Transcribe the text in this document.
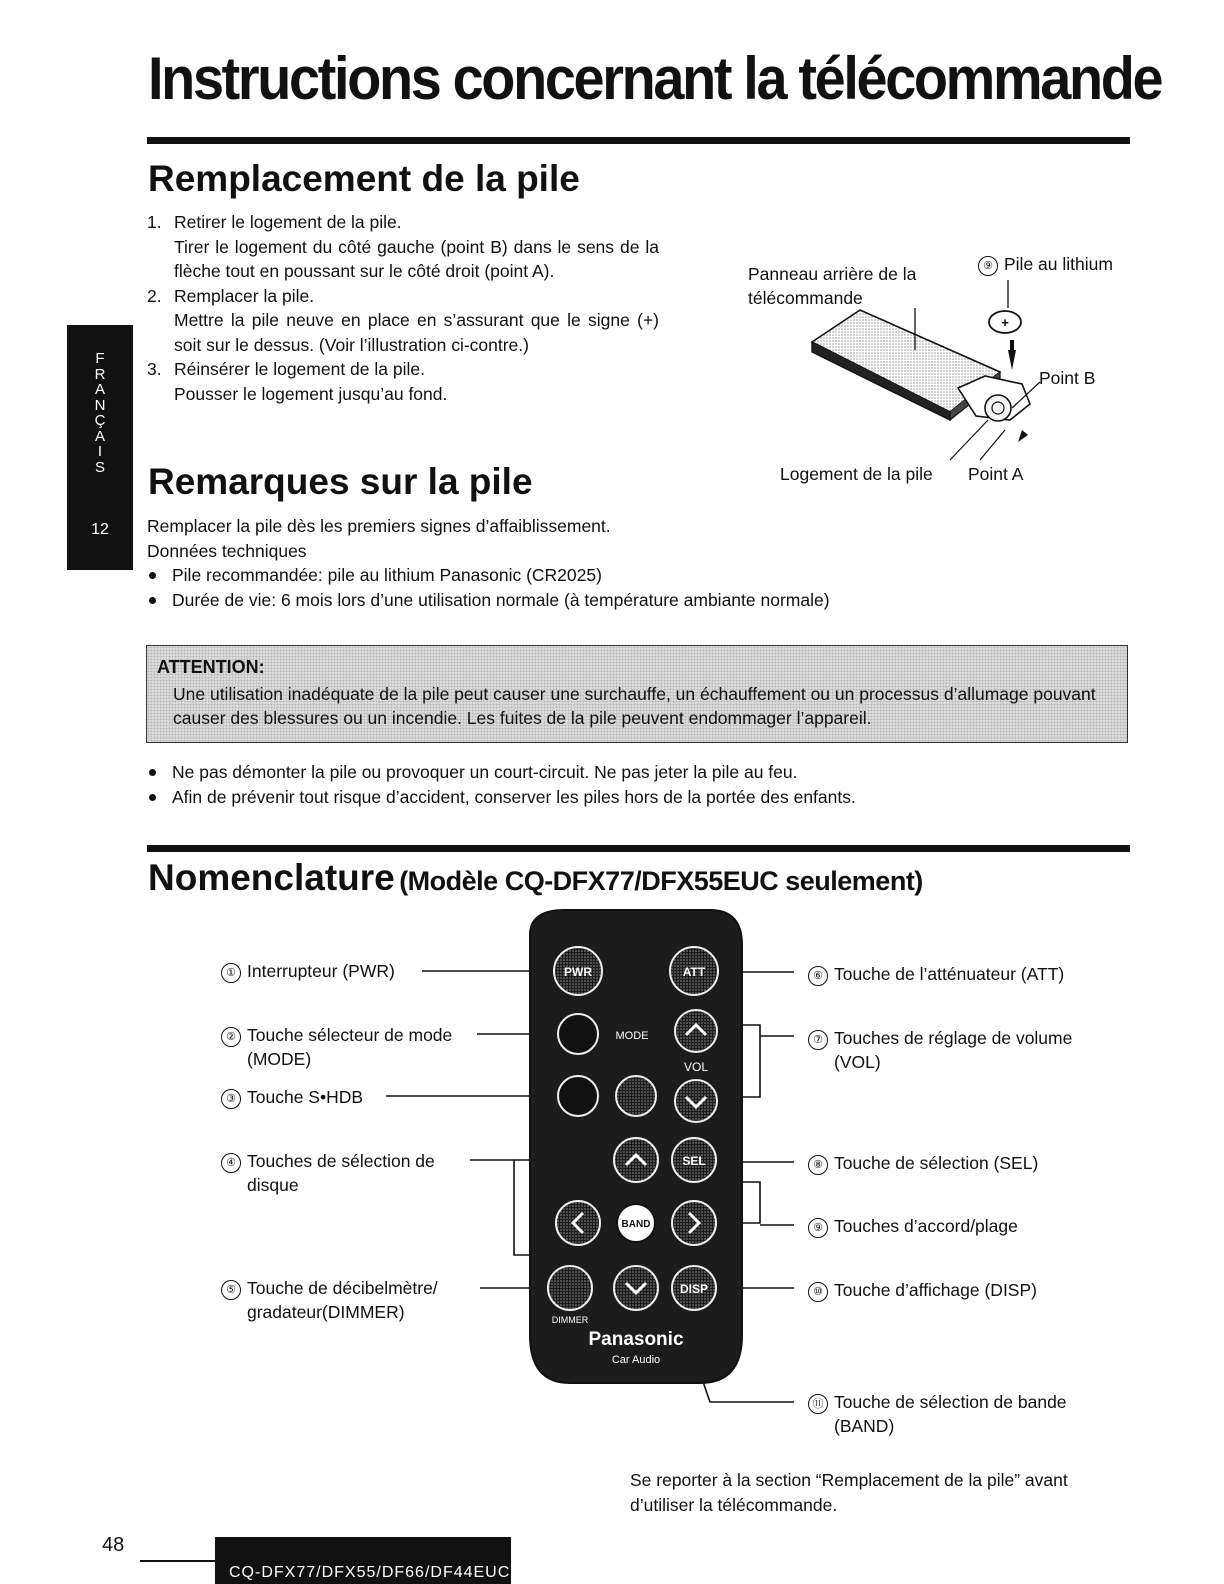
Instructions concernant la télécommande
F
R
A
N
Ç
A
I
S
12
Remplacement de la pile
1. Retirer le logement de la pile.
Tirer le logement du côté gauche (point B) dans le sens de la flèche tout en poussant sur le côté droit (point A).
2. Remplacer la pile.
Mettre la pile neuve en place en s’assurant que le signe (+) soit sur le dessus. (Voir l’illustration ci-contre.)
3. Réinsérer le logement de la pile.
Pousser le logement jusqu’au fond.
Panneau arrière de la télécommande
⑨ Pile au lithium
Point B
Logement de la pile Point A
+
Remarques sur la pile
Remplacer la pile dès les premiers signes d’affaiblissement.
Données techniques
Pile recommandée: pile au lithium Panasonic (CR2025)
Durée de vie: 6 mois lors d’une utilisation normale (à température ambiante normale)
ATTENTION:
Une utilisation inadéquate de la pile peut causer une surchauffe, un échauffement ou un processus d’allumage pouvant causer des blessures ou un incendie. Les fuites de la pile peuvent endommager l’appareil.
Ne pas démonter la pile ou provoquer un court-circuit. Ne pas jeter la pile au feu.
Afin de prévenir tout risque d’accident, conserver les piles hors de la portée des enfants.
Nomenclature (Modèle CQ-DFX77/DFX55EUC seulement)
① Interrupteur (PWR)
② Touche sélecteur de mode
(MODE)
③ Touche S•HDB
④ Touches de sélection de
disque
⑤ Touche de décibelmètre/
gradateur(DIMMER)
⑥ Touche de l’atténuateur (ATT)
⑦ Touches de réglage de volume
(VOL)
⑧ Touche de sélection (SEL)
⑨ Touches d’accord/plage
⑩ Touche d’affichage (DISP)
⑪ Touche de sélection de bande
(BAND)
PWR	ATT
MODE
VOL
SEL
BAND
DIMMER
DISP
Panasonic
Car Audio
Se reporter à la section “Remplacement de la pile” avant d’utiliser la télécommande.
48
CQ-DFX77/DFX55/DF66/DF44EUC
